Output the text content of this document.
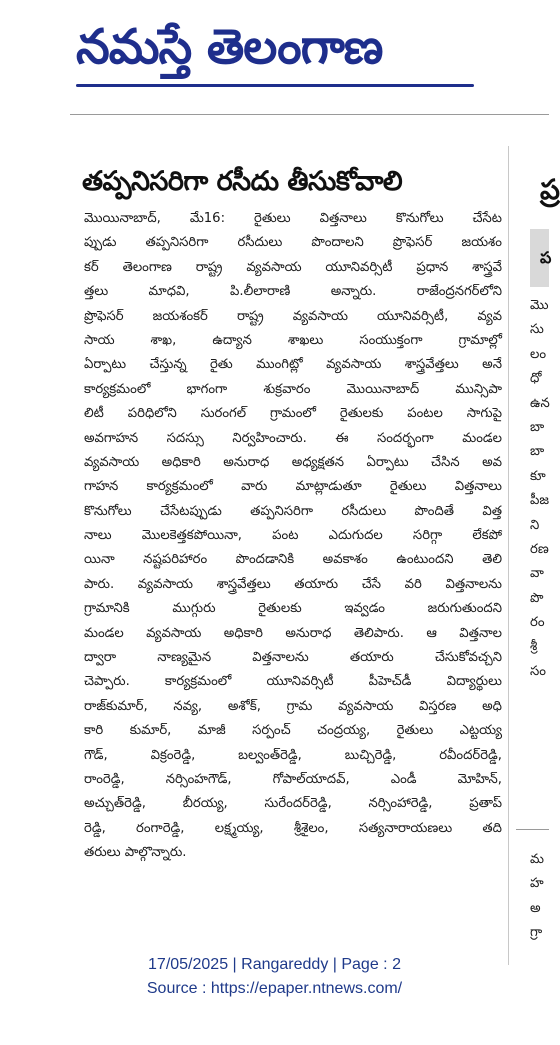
నమస్తే తెలంగాణ
తప్పనిసరిగా రసీదు తీసుకోవాలి
మొయినాబాద్, మే16: రైతులు విత్తనాలు కొనుగోలు చేసేట
ప్పుడు తప్పనిసరిగా రసీదులు పొందాలని ప్రొఫెసర్ జయశం
కర్ తెలంగాణ రాష్ట్ర వ్యవసాయ యూనివర్సిటీ ప్రధాన శాస్త్రవే
త్తలు మాధవి, పి.లీలారాణి అన్నారు. రాజేంద్రనగర్‌లోని
ప్రొఫెసర్ జయశంకర్ రాష్ట్ర వ్యవసాయ యూనివర్సిటీ, వ్యవ
సాయ శాఖ, ఉద్యాన శాఖలు సంయుక్తంగా గ్రామాల్లో
ఏర్పాటు చేస్తున్న రైతు ముంగిట్లో వ్యవసాయ శాస్త్రవేత్తలు అనే
కార్యక్రమంలో భాగంగా శుక్రవారం మొయినాబాద్ మున్సిపా
లిటీ పరిధిలోని సురంగల్ గ్రామంలో రైతులకు పంటల సాగుపై
అవగాహన సదస్సు నిర్వహించారు. ఈ సందర్భంగా మండల
వ్యవసాయ అధికారి అనురాధ అధ్యక్షతన ఏర్పాటు చేసిన అవ
గాహన కార్యక్రమంలో వారు మాట్లాడుతూ రైతులు విత్తనాలు
కొనుగోలు చేసేటప్పుడు తప్పనిసరిగా రసీదులు పొందితే విత్త
నాలు మొలకెత్తకపోయినా, పంట ఎదుగుదల సరిగ్గా లేకపో
యినా నష్టపరిహారం పొందడానికి అవకాశం ఉంటుందని తెలి
పారు. వ్యవసాయ శాస్త్రవేత్తలు తయారు చేసే వరి విత్తనాలను
గ్రామానికి ముగ్గురు రైతులకు ఇవ్వడం జరుగుతుందని
మండల వ్యవసాయ అధికారి అనురాధ తెలిపారు. ఆ విత్తనాల
ద్వారా నాణ్యమైన విత్తనాలను తయారు చేసుకోవచ్చని
చెప్పారు. కార్యక్రమంలో యూనివర్సిటీ పీహెచ్‌డీ విద్యార్థులు
రాజ్‌కుమార్, నవ్య, అశోక్, గ్రామ వ్యవసాయ విస్తరణ అధి
కారి కుమార్, మాజీ సర్పంచ్ చంద్రయ్య, రైతులు ఎట్టయ్య
గౌడ్, విక్రంరెడ్డి, బల్వంత్‌రెడ్డి, బుచ్చిరెడ్డి, రవీందర్‌రెడ్డి,
రాంరెడ్డి, నర్సింహగౌడ్, గోపాల్‌యాదవ్, ఎండీ మోహిన్,
అచ్చుత్‌రెడ్డి, బీరయ్య, సురేందర్‌రెడ్డి, నర్సింహారెడ్డి, ప్రతాప్
రెడ్డి, రంగారెడ్డి, లక్ష్మయ్య, శ్రీశైలం, సత్యనారాయణలు తది
తరులు పాల్గొన్నారు.
ప్ర
ప
మొ
సు
లం
ధో
ఉన
బా
బా
కూ
పీజ
ని
రణ
వా
పొ
రం
శ్రీ
సం
మ
హ
అ
గ్రా
17/05/2025 | Rangareddy | Page : 2
Source : https://epaper.ntnews.com/
